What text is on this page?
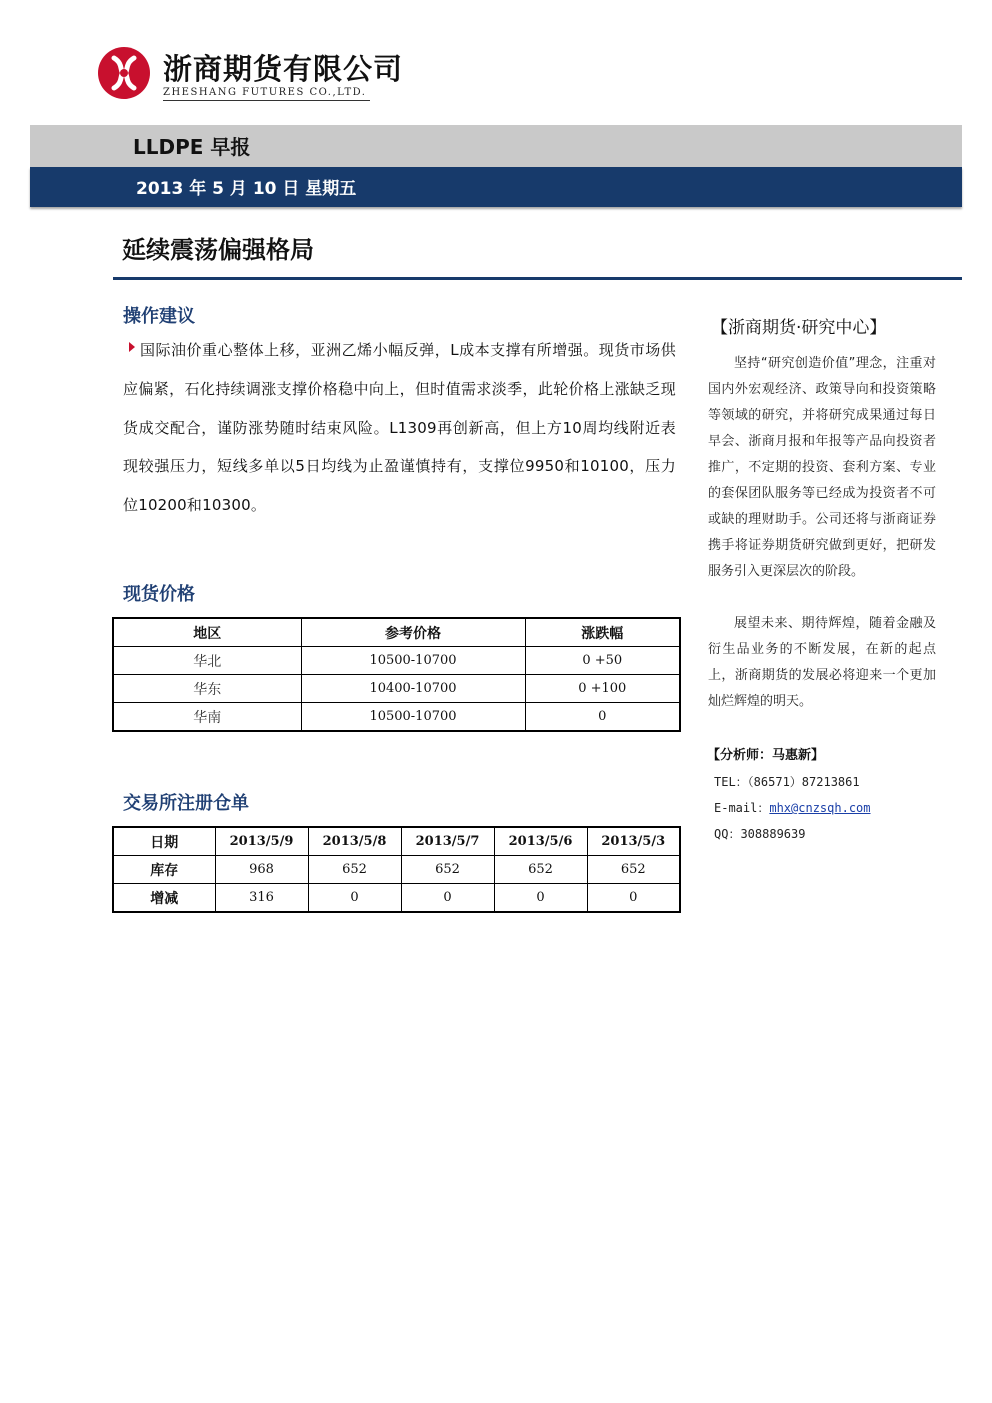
浙商期货有限公司
ZHESHANG FUTURES CO.,LTD.
LLDPE 早报
2013 年 5 月 10 日 星期五
延续震荡偏强格局
操作建议
国际油价重心整体上移，亚洲乙烯小幅反弹，L成本支撑有所增强。现货市场供应偏紧，石化持续调涨支撑价格稳中向上，但时值需求淡季，此轮价格上涨缺乏现货成交配合，谨防涨势随时结束风险。L1309再创新高，但上方10周均线附近表现较强压力，短线多单以5日均线为止盈谨慎持有，支撑位9950和10100，压力位10200和10300。
现货价格
地区	参考价格	涨跌幅
华北	10500-10700	0 +50
华东	10400-10700	0 +100
华南	10500-10700	0
交易所注册仓单
日期	2013/5/9	2013/5/8	2013/5/7	2013/5/6	2013/5/3
库存	968	652	652	652	652
增减	316	0	0	0	0
【浙商期货·研究中心】
坚持“研究创造价值”理念，注重对国内外宏观经济、政策导向和投资策略等领域的研究，并将研究成果通过每日早会、浙商月报和年报等产品向投资者推广，不定期的投资、套利方案、专业的套保团队服务等已经成为投资者不可或缺的理财助手。公司还将与浙商证券携手将证券期货研究做到更好，把研发服务引入更深层次的阶段。
展望未来、期待辉煌，随着金融及衍生品业务的不断发展，在新的起点上，浙商期货的发展必将迎来一个更加灿烂辉煌的明天。
【分析师：马惠新】
TEL：（86571）87213861
E-mail：mhx@cnzsqh.com
QQ：308889639
